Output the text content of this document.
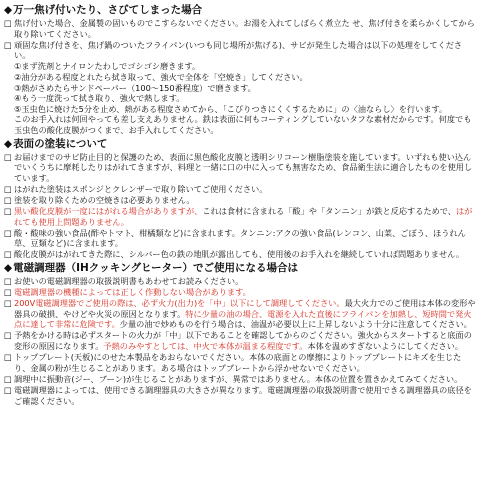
◆万一焦げ付いたり、さびてしまった場合
□ 焦げ付いた場合、金属製の固いものでこすらないでください。お湯を入れてしばらく煮立た せ、焦げ付きを柔らかくしてから取り除いてください。
□ 頑固な焦げ付きを、焦げ鍋のついたフライパン(いつも同じ場所が焦げる)、サビが発生した場合は以下の処理をしてください。
①まず洗剤とナイロンたわしでゴシゴシ磨きます。
②油分がある程度とれたら拭き取って、強火で全体を「空焼き」してください。
③熱がさめたらサンドペーパー（100～150番程度）で磨きます。
④もう一度洗って拭き取り、強火で熱します。
⑤玉虫色に焼けた5分を止め、熱がある程度さめてから、「こびりつきにくくするために」の〈油ならし〉を行います。
このお手入れは何回やっても差し支えありません。鉄は表面に何もコーティングしていないタフな素材だからです。何度でも玉虫色の酸化皮膜がつくまで、お手入れしてください。
◆表面の塗装について
□ お届けまでのサビ防止目的と保護のため、表面に黒色酸化皮膜と透明シリコーン樹脂塗装を施しています。いずれも使い込んでいくうちに摩耗したりはがれてきますが、料理と一緒に口の中に入っても無害なため、食品衛生法に適合したものを使用しています。
□ はがれた塗装はスポンジとクレンザーで取り除いてご使用ください。
□ 塗装を取り除くための空焼きは必要ありません。
□ 黒い酸化皮膜が一度にはがれる場合がありますが、これは食材に含まれる「酸」や「タンニン」が鉄と反応するためで、はがれても使用上問題ありません。
□ 酸・酸味の強い食品(酢やトマト、柑橘類など)に含まれます。タンニン:アクの強い食品(レンコン、山菜、ごぼう、ほうれん草、豆類など)に含まれます。
□ 酸化皮膜がはがれてきた際に、シルバー色の鉄の地肌が露出しても、使用後のお手入れを継続していれば問題ありません。
◆電磁調理器（IHクッキングヒーター）でご使用になる場合は
□ お使いの電磁調理器の取扱説明書もあわせてお読みください。
□ 電磁調理器の機種によっては正しく作動しない場合があります。
□ 200V電磁調理器でご使用の際は、必ず火力(出力)を「中」以下にして調理してください。最大火力でのご使用は本体の変形や器具の破損、やけどや火災の原因となります。特に少量の油の場合、電源を入れた直後にフライパンを加熱し、短時間で発火点に達して非常に危険です。少量の油で炒めものを行う場合は、油温が必要以上に上昇しないよう十分に注意してください。
□ 予熱をかける時は必ずスタートの火力が「中」以下であることを確認してからのごください。強火からスタートすると底面の変形の原因になります。予熱のみやすとしては、中火で本体が温まる程度です。本体を温めすぎないようにしてください。
□ トッププレート(天板)にのせた本製品をあおらないでください。本体の底面との摩擦によりトッププレートにキズを生じたり、金属の粉が生じることがあります。ある場合はトッププレートから浮かせないでください。
□ 調理中に振動音(ジー、ブーン)が生じることがありますが、異常ではありません。本体の位置を置きかえてみてください。
□ 電磁調理器によっては、使用できる調理器具の大きさが異なります。電磁調理器の取扱説明書で使用できる調理器具の底径をご確認ください。
